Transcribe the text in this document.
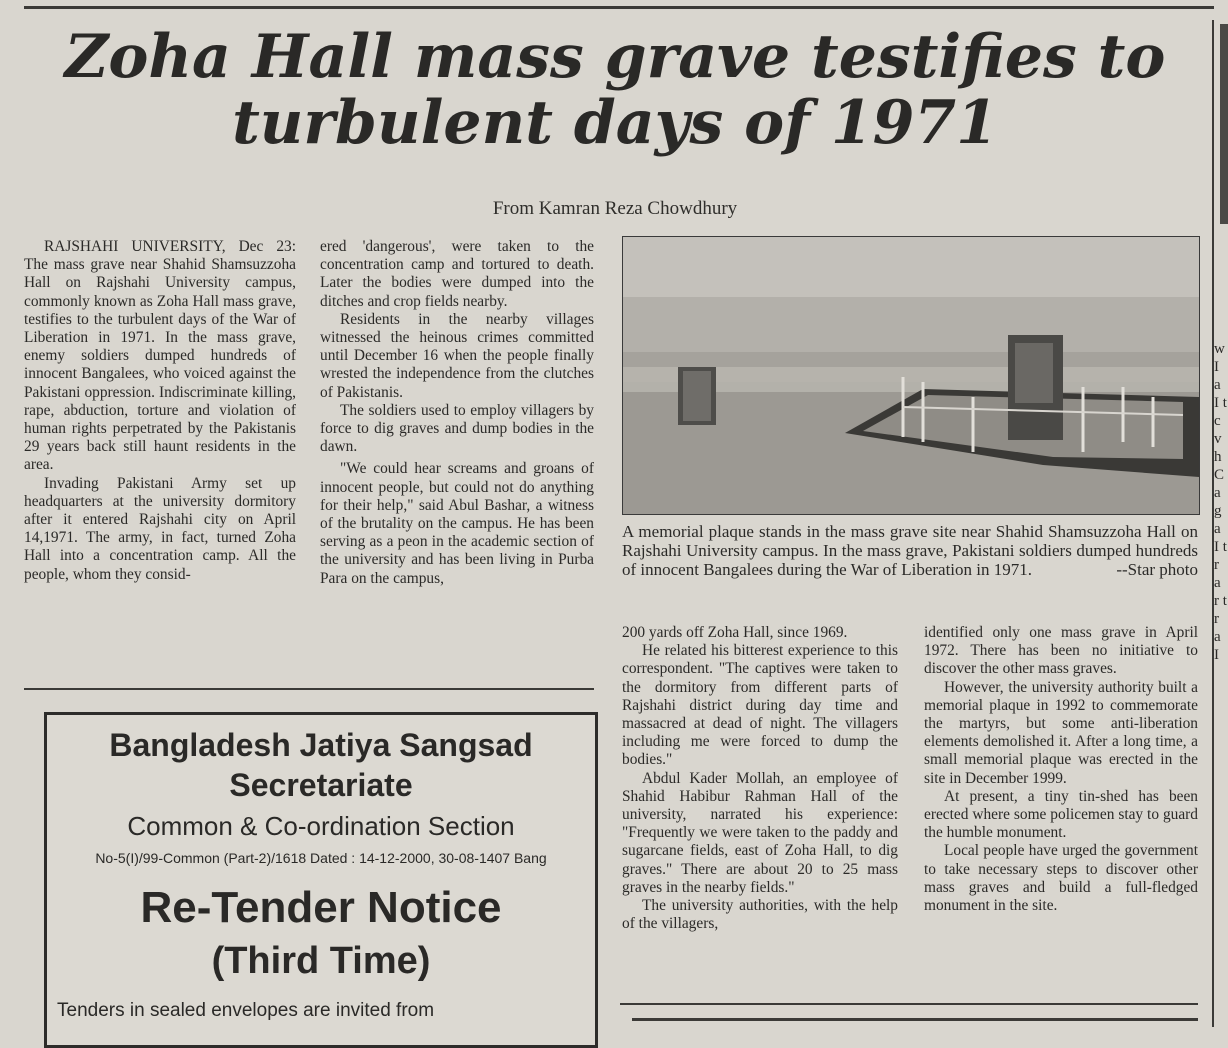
Zoha Hall mass grave testifies to
turbulent days of 1971
From Kamran Reza Chowdhury

RAJSHAHI UNIVERSITY, Dec 23: The mass grave near Shahid Shamsuzzoha Hall on Rajshahi University campus, commonly known as Zoha Hall mass grave, testifies to the turbulent days of the War of Liberation in 1971. In the mass grave, enemy soldiers dumped hundreds of innocent Bangalees, who voiced against the Pakistani oppression. Indiscriminate killing, rape, abduction, torture and violation of human rights perpetrated by the Pakistanis 29 years back still haunt residents in the area.

Invading Pakistani Army set up headquarters at the university dormitory after it entered Rajshahi city on April 14,1971. The army, in fact, turned Zoha Hall into a concentration camp. All the people, whom they consid-

ered 'dangerous', were taken to the concentration camp and tortured to death. Later the bodies were dumped into the ditches and crop fields nearby.

Residents in the nearby villages witnessed the heinous crimes committed until December 16 when the people finally wrested the independence from the clutches of Pakistanis.

The soldiers used to employ villagers by force to dig graves and dump bodies in the dawn.

"We could hear screams and groans of innocent people, but could not do anything for their help," said Abul Bashar, a witness of the brutality on the campus. He has been serving as a peon in the academic section of the university and has been living in Purba Para on the campus,

A memorial plaque stands in the mass grave site near Shahid Shamsuzzoha Hall on Rajshahi University campus. In the mass grave, Pakistani soldiers dumped hundreds of innocent Bangalees during the War of Liberation in 1971.	--Star photo

200 yards off Zoha Hall, since 1969.

He related his bitterest experience to this correspondent. "The captives were taken to the dormitory from different parts of Rajshahi district during day time and massacred at dead of night. The villagers including me were forced to dump the bodies."

Abdul Kader Mollah, an employee of Shahid Habibur Rahman Hall of the university, narrated his experience: "Frequently we were taken to the paddy and sugarcane fields, east of Zoha Hall, to dig graves." There are about 20 to 25 mass graves in the nearby fields."

The university authorities, with the help of the villagers,

identified only one mass grave in April 1972. There has been no initiative to discover the other mass graves.

However, the university authority built a memorial plaque in 1992 to commemorate the martyrs, but some anti-liberation elements demolished it. After a long time, a small memorial plaque was erected in the site in December 1999.

At present, a tiny tin-shed has been erected where some policemen stay to guard the humble monument.

Local people have urged the government to take necessary steps to discover other mass graves and build a full-fledged monument in the site.

Bangladesh Jatiya Sangsad
Secretariate
Common & Co-ordination Section
No-5(I)/99-Common (Part-2)/1618 Dated : 14-12-2000, 30-08-1407 Bang
Re-Tender Notice
(Third Time)
Tenders in sealed envelopes are invited from
w I a I t c v h C a g a I t r a r t r a I
